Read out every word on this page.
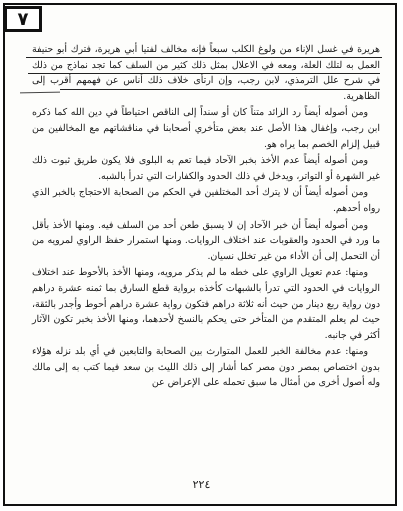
٧

هريرة في غسل الإناء من ولوغ الكلب سبعاً فإنه مخالف لفتيا أبي هريرة، فترك أبو حنيفة العمل به لتلك العلة، ومعه في الاعلال بمثل ذلك كثير من السلف كما تجد نماذج من ذلك في شرح علل الترمذي، لابن رجب، وإن ارتأى خلاف ذلك أناس عن فهمهم أقرب إلى الظاهرية.

ومن أصوله أيضاً رد الزائد متناً كان أو سنداً إلى الناقص احتياطاً في دين الله كما ذكره ابن رجب، وإغفال هذا الأصل عند بعض متأخري أصحابنا في مناقشاتهم مع المخالفين من قبيل إلزام الخصم بما يراه هو.

ومن أصوله أيضاً عدم الأخذ بخبر الآحاد فيما تعم به البلوى فلا يكون طريق ثبوت ذلك غير الشهرة أو التواتر، ويدخل في ذلك الحدود والكفارات التي تدرأ بالشبه.

ومن أصوله أيضاً أن لا يترك أحد المختلفين في الحكم من الصحابة الاحتجاج بالخبر الذي رواه أحدهم.

ومن أصوله أيضاً أن خبر الآحاد إن لا يسبق طعن أحد من السلف فيه. ومنها الأخذ بأقل ما ورد في الحدود والعقوبات عند اختلاف الروايات. ومنها استمرار حفظ الراوي لمرويه من أن التحمل إلى أن الأداء من غير تخلل نسيان.

ومنها: عدم تعويل الراوي على خطه ما لم يذكر مرويه، ومنها الأخذ بالأحوط عند اختلاف الروايات في الحدود التي تدرأ بالشبهات كأخذه برواية قطع السارق بما ثمنه عشرة دراهم دون رواية ربع دينار من حيث أنه ثلاثة دراهم فتكون رواية عشرة دراهم أحوط وأجدر بالثقة، حيث لم يعلم المتقدم من المتأخر حتى يحكم بالنسخ لأحدهما، ومنها الأخذ بخبر تكون الآثار أكثر في جانبه.

ومنها: عدم مخالفة الخبر للعمل المتوارث بين الصحابة والتابعين في أي بلد نزله هؤلاء بدون اختصاص بمصر دون مصر كما أشار إلى ذلك الليث بن سعد فيما كتب به إلى مالك وله أصول أخرى من أمثال ما سبق تحمله على الإعراض عن

٢٢٤
